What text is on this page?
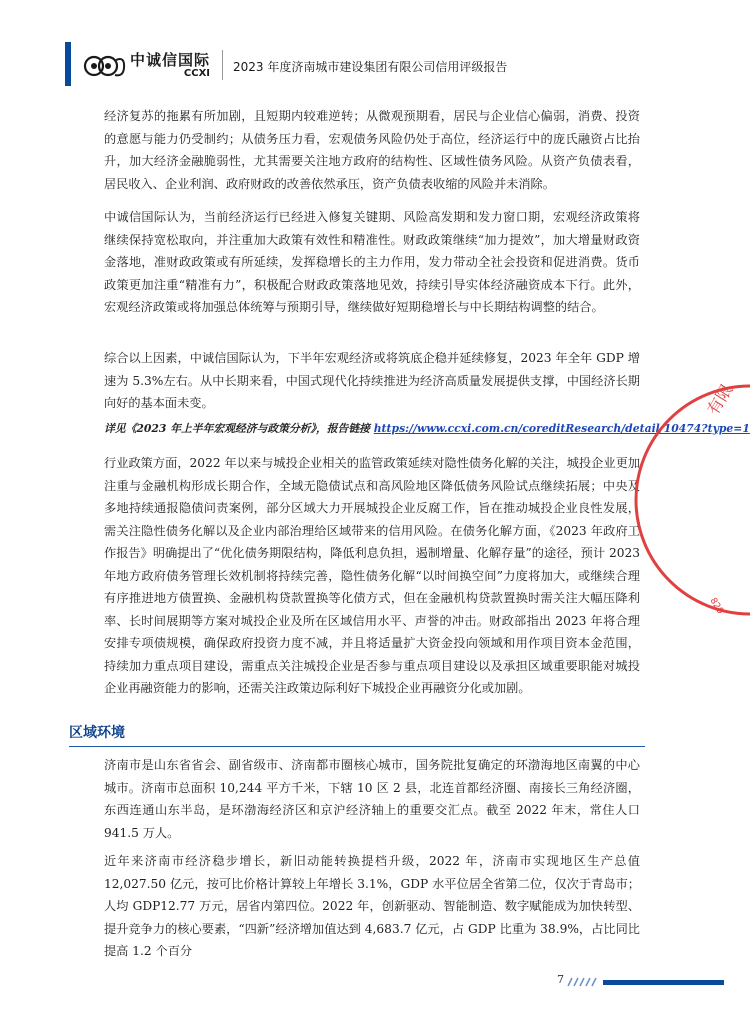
中诚信国际
CCXI 2023 年度济南城市建设集团有限公司信用评级报告

经济复苏的拖累有所加剧，且短期内较难逆转；从微观预期看，居民与企业信心偏弱，消费、投资的意愿与能力仍受制约；从债务压力看，宏观债务风险仍处于高位，经济运行中的庞氏融资占比抬升，加大经济金融脆弱性，尤其需要关注地方政府的结构性、区域性债务风险。从资产负债表看，居民收入、企业利润、政府财政的改善依然承压，资产负债表收缩的风险并未消除。

中诚信国际认为，当前经济运行已经进入修复关键期、风险高发期和发力窗口期，宏观经济政策将继续保持宽松取向，并注重加大政策有效性和精准性。财政政策继续“加力提效”，加大增量财政资金落地，准财政政策或有所延续，发挥稳增长的主力作用，发力带动全社会投资和促进消费。货币政策更加注重“精准有力”，积极配合财政政策落地见效，持续引导实体经济融资成本下行。此外，宏观经济政策或将加强总体统筹与预期引导，继续做好短期稳增长与中长期结构调整的结合。

综合以上因素，中诚信国际认为，下半年宏观经济或将筑底企稳并延续修复，2023 年全年 GDP 增速为 5.3%左右。从中长期来看，中国式现代化持续推进为经济高质量发展提供支撑，中国经济长期向好的基本面未变。

详见《2023 年上半年宏观经济与政策分析》，报告链接 https://www.ccxi.com.cn/coreditResearch/detail/10474?type=1

行业政策方面，2022 年以来与城投企业相关的监管政策延续对隐性债务化解的关注，城投企业更加注重与金融机构形成长期合作，全域无隐债试点和高风险地区降低债务风险试点继续拓展；中央及多地持续通报隐债问责案例，部分区域大力开展城投企业反腐工作，旨在推动城投企业良性发展，需关注隐性债务化解以及企业内部治理给区域带来的信用风险。在债务化解方面，《2023 年政府工作报告》明确提出了“优化债务期限结构，降低利息负担，遏制增量、化解存量”的途径，预计 2023 年地方政府债务管理长效机制将持续完善，隐性债务化解“以时间换空间”力度将加大，或继续合理有序推进地方债置换、金融机构贷款置换等化债方式，但在金融机构贷款置换时需关注大幅压降利率、长时间展期等方案对城投企业及所在区域信用水平、声誉的冲击。财政部指出 2023 年将合理安排专项债规模，确保政府投资力度不减，并且将适量扩大资金投向领域和用作项目资本金范围，持续加力重点项目建设，需重点关注城投企业是否参与重点项目建设以及承担区域重要职能对城投企业再融资能力的影响，还需关注政策边际利好下城投企业再融资分化或加剧。

区域环境

济南市是山东省省会、副省级市、济南都市圈核心城市，国务院批复确定的环渤海地区南翼的中心城市。济南市总面积 10,244 平方千米，下辖 10 区 2 县，北连首都经济圈、南接长三角经济圈，东西连通山东半岛，是环渤海经济区和京沪经济轴上的重要交汇点。截至 2022 年末，常住人口 941.5 万人。

近年来济南市经济稳步增长，新旧动能转换提档升级，2022 年，济南市实现地区生产总值 12,027.50 亿元，按可比价格计算较上年增长 3.1%，GDP 水平位居全省第二位，仅次于青岛市；人均 GDP12.77 万元，居省内第四位。2022 年，创新驱动、智能制造、数字赋能成为加快转型、提升竞争力的核心要素，“四新”经济增加值达到 4,683.7 亿元，占 GDP 比重为 38.9%，占比同比提高 1.2 个百分

有限
829
7
